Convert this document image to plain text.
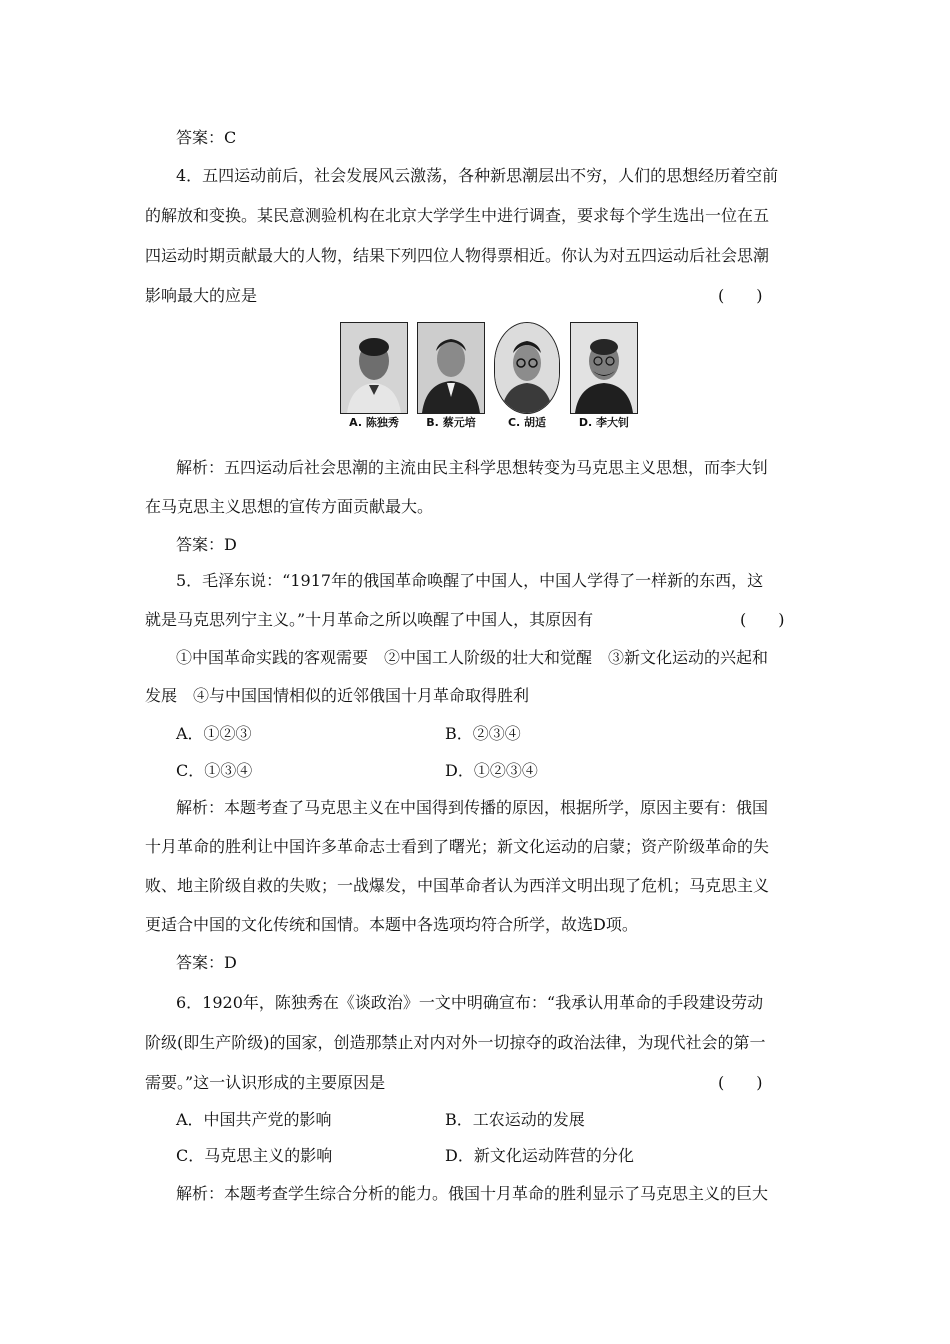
答案：C
4．五四运动前后，社会发展风云激荡，各种新思潮层出不穷，人们的思想经历着空前
的解放和变换。某民意测验机构在北京大学学生中进行调查，要求每个学生选出一位在五
四运动时期贡献最大的人物，结果下列四位人物得票相近。你认为对五四运动后社会思潮
影响最大的应是	(　　)
A. 陈独秀	B. 蔡元培	C. 胡适	D. 李大钊
解析：五四运动后社会思潮的主流由民主科学思想转变为马克思主义思想，而李大钊
在马克思主义思想的宣传方面贡献最大。
答案：D
5．毛泽东说：“1917年的俄国革命唤醒了中国人，中国人学得了一样新的东西，这
就是马克思列宁主义。”十月革命之所以唤醒了中国人，其原因有	(　　)
①中国革命实践的客观需要　②中国工人阶级的壮大和觉醒　③新文化运动的兴起和
发展　④与中国国情相似的近邻俄国十月革命取得胜利
A．①②③	B．②③④
C．①③④	D．①②③④
解析：本题考查了马克思主义在中国得到传播的原因，根据所学，原因主要有：俄国
十月革命的胜利让中国许多革命志士看到了曙光；新文化运动的启蒙；资产阶级革命的失
败、地主阶级自救的失败；一战爆发，中国革命者认为西洋文明出现了危机；马克思主义
更适合中国的文化传统和国情。本题中各选项均符合所学，故选D项。
答案：D
6．1920年，陈独秀在《谈政治》一文中明确宣布：“我承认用革命的手段建设劳动
阶级(即生产阶级)的国家，创造那禁止对内对外一切掠夺的政治法律，为现代社会的第一
需要。”这一认识形成的主要原因是	(　　)
A．中国共产党的影响	B．工农运动的发展
C．马克思主义的影响	D．新文化运动阵营的分化
解析：本题考查学生综合分析的能力。俄国十月革命的胜利显示了马克思主义的巨大
